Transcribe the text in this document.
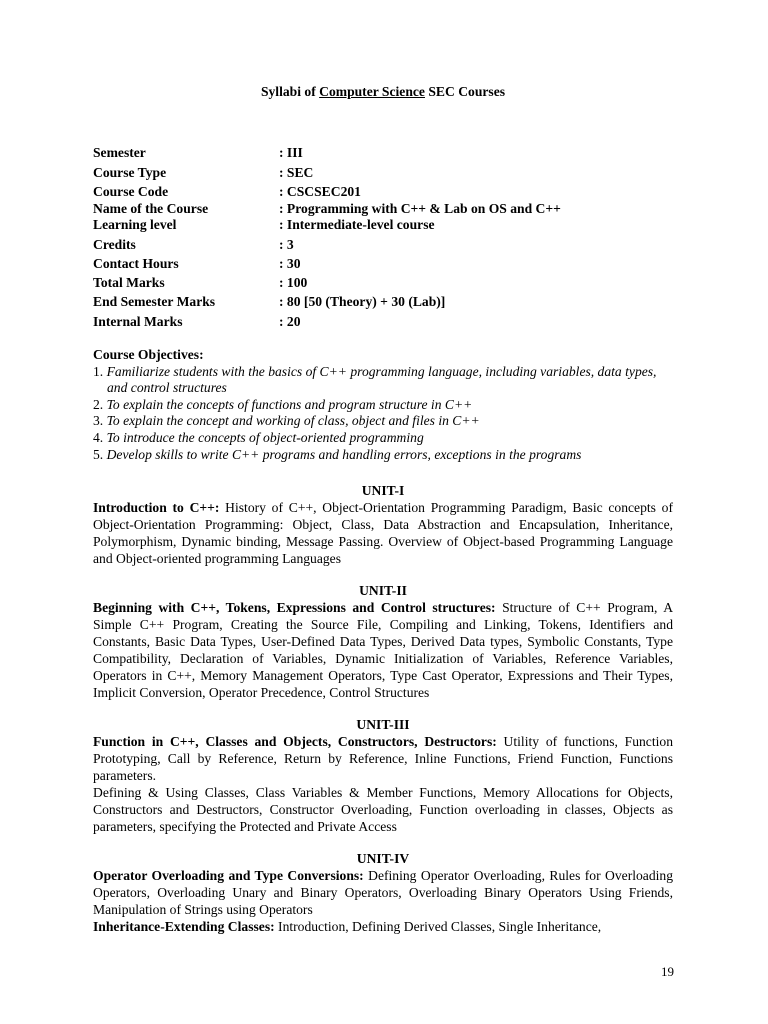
Syllabi of Computer Science SEC Courses
Semester	: III
Course Type	: SEC
Course Code	: CSCSEC201
Name of the Course	: Programming with C++ & Lab on OS and C++
Learning level	: Intermediate-level course
Credits	: 3
Contact Hours	: 30
Total Marks	: 100
End Semester Marks	: 80 [50 (Theory) + 30 (Lab)]
Internal Marks	: 20
Course Objectives:
1. Familiarize students with the basics of C++ programming language, including variables, data types, and control structures
2. To explain the concepts of functions and program structure in C++
3. To explain the concept and working of class, object and files in C++
4. To introduce the concepts of object-oriented programming
5. Develop skills to write C++ programs and handling errors, exceptions in the programs
UNIT-I

Introduction to C++: History of C++, Object-Orientation Programming Paradigm, Basic concepts of Object-Orientation Programming: Object, Class, Data Abstraction and Encapsulation, Inheritance, Polymorphism, Dynamic binding, Message Passing. Overview of Object-based Programming Language and Object-oriented programming Languages

UNIT-II

Beginning with C++, Tokens, Expressions and Control structures: Structure of C++ Program, A Simple C++ Program, Creating the Source File, Compiling and Linking, Tokens, Identifiers and Constants, Basic Data Types, User-Defined Data Types, Derived Data types, Symbolic Constants, Type Compatibility, Declaration of Variables, Dynamic Initialization of Variables, Reference Variables, Operators in C++, Memory Management Operators, Type Cast Operator, Expressions and Their Types, Implicit Conversion, Operator Precedence, Control Structures

UNIT-III

Function in C++, Classes and Objects, Constructors, Destructors: Utility of functions, Function Prototyping, Call by Reference, Return by Reference, Inline Functions, Friend Function, Functions parameters.

Defining & Using Classes, Class Variables & Member Functions, Memory Allocations for Objects, Constructors and Destructors, Constructor Overloading, Function overloading in classes, Objects as parameters, specifying the Protected and Private Access

UNIT-IV

Operator Overloading and Type Conversions: Defining Operator Overloading, Rules for Overloading Operators, Overloading Unary and Binary Operators, Overloading Binary Operators Using Friends, Manipulation of Strings using Operators

Inheritance-Extending Classes: Introduction, Defining Derived Classes, Single Inheritance,

19
